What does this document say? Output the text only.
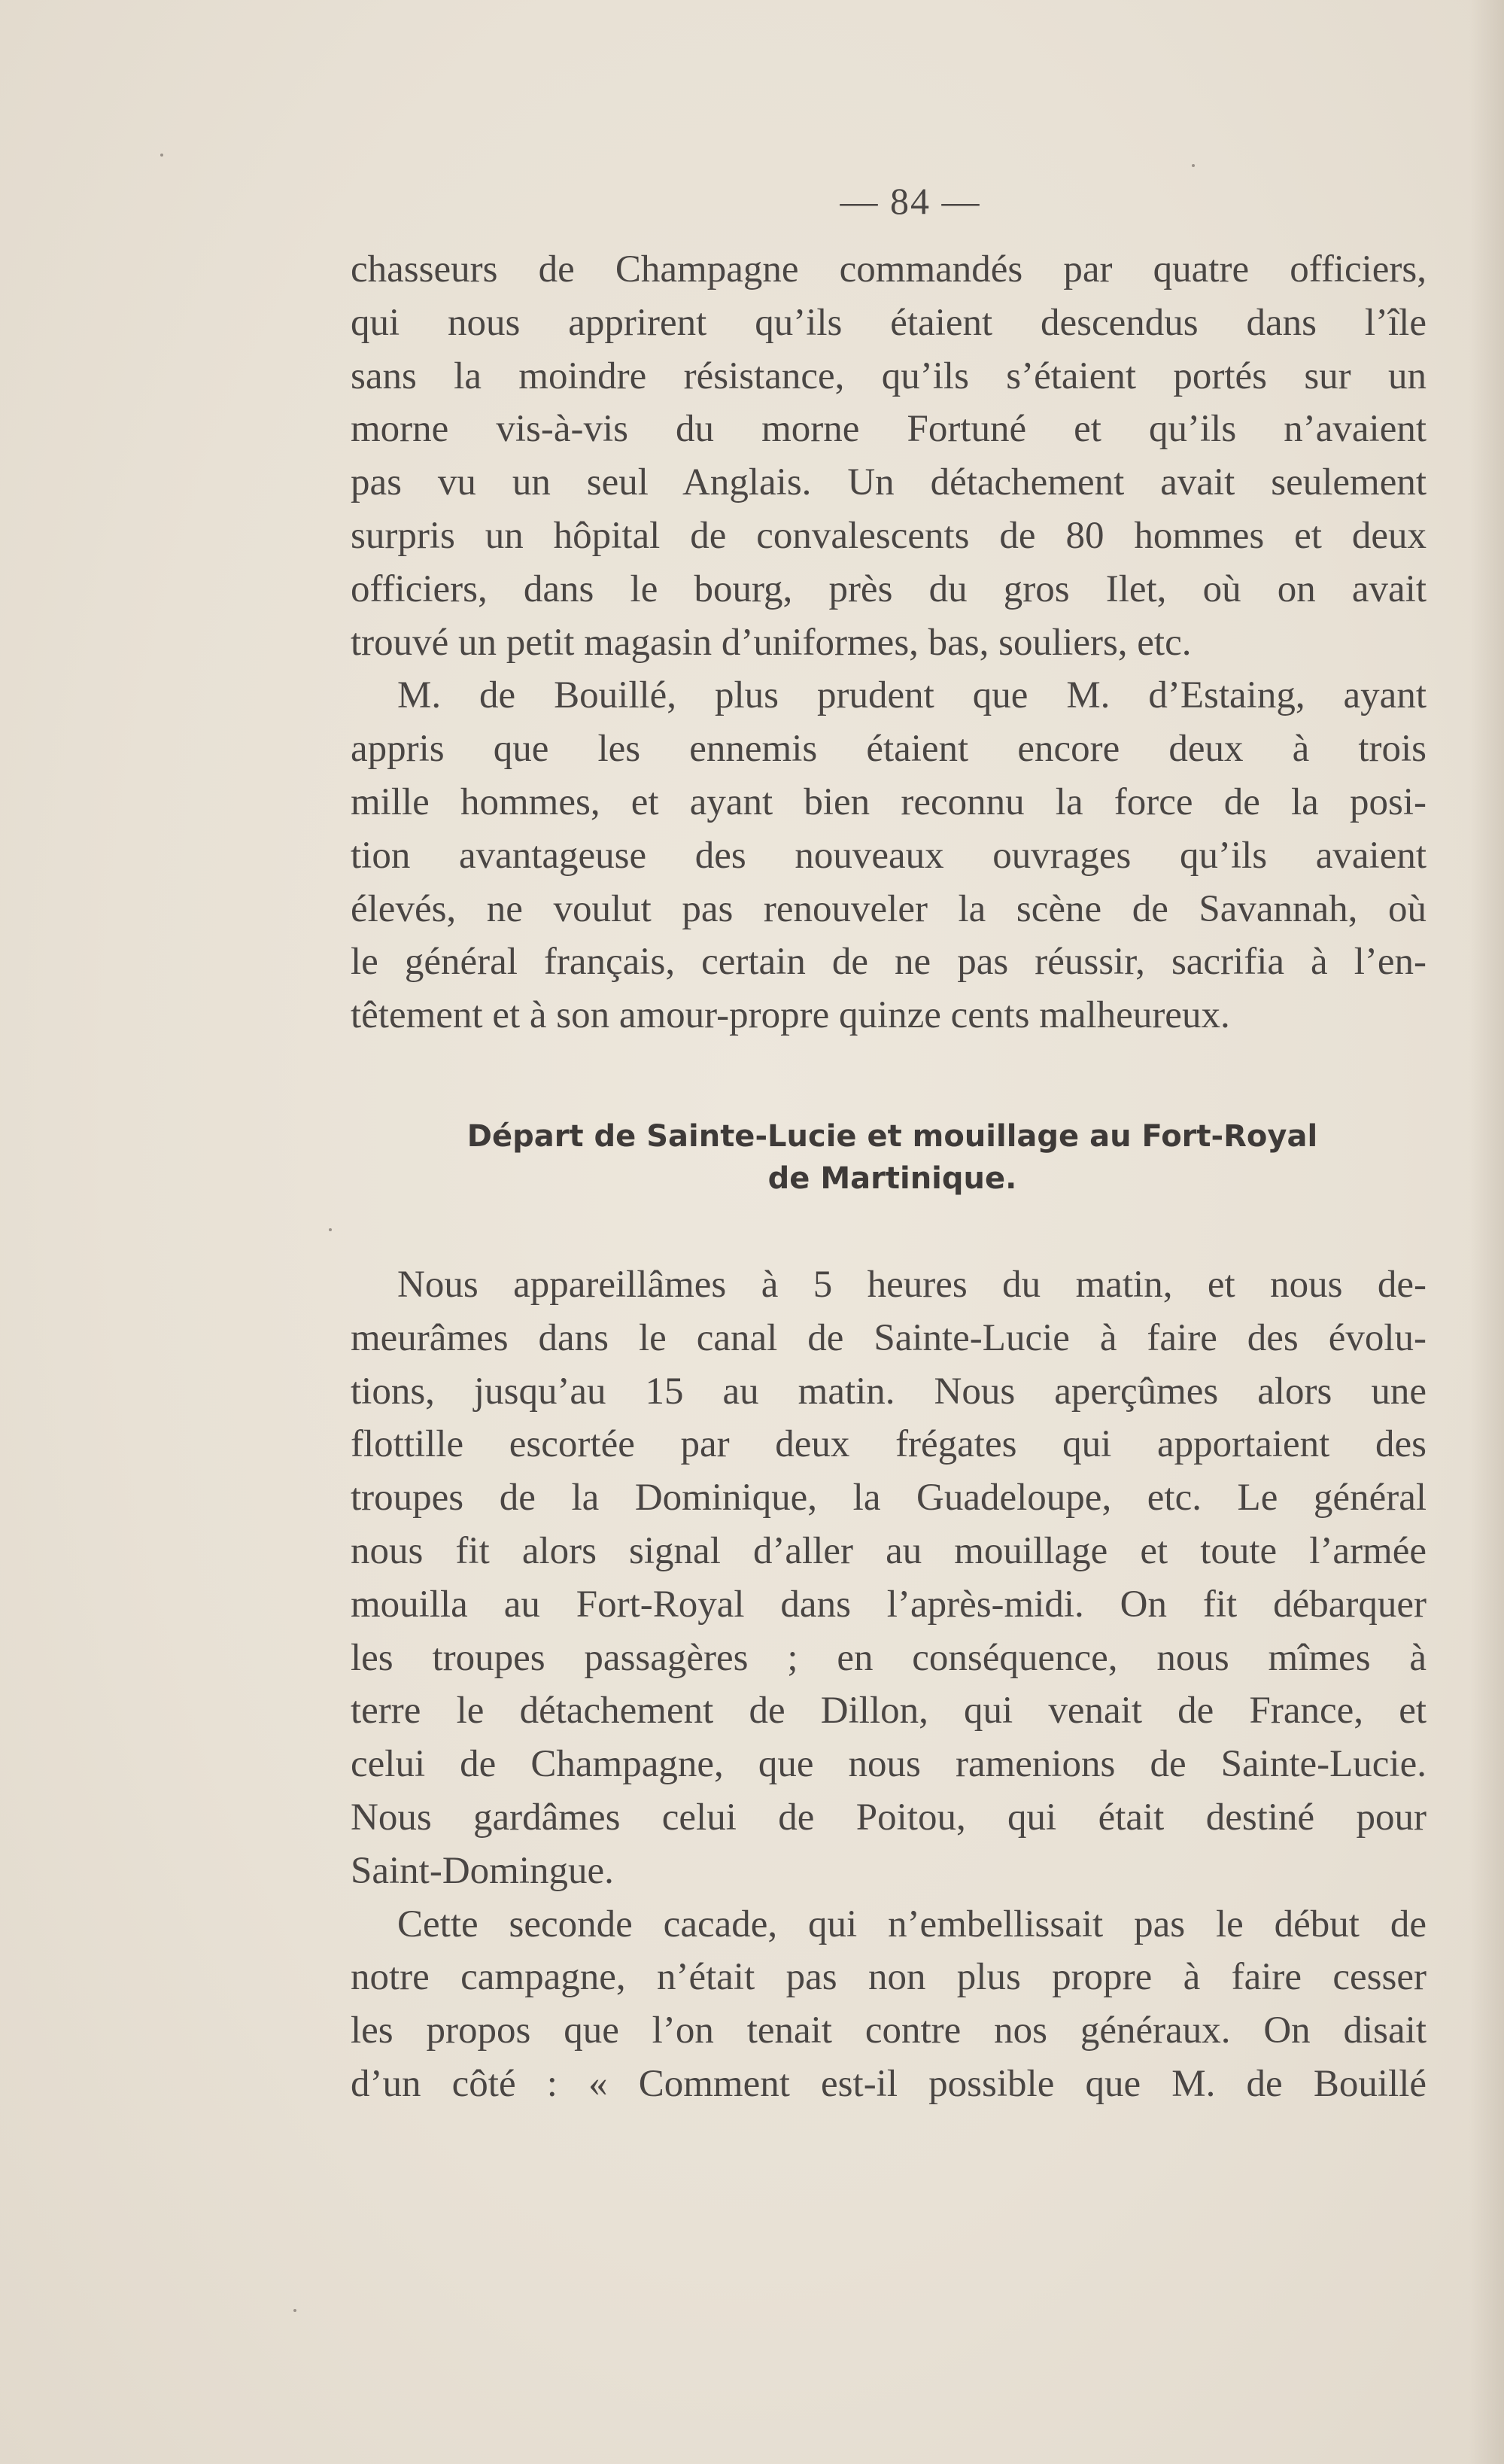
— 84 —
chasseurs de Champagne commandés par quatre officiers,
qui nous apprirent qu’ils étaient descendus dans l’île
sans la moindre résistance, qu’ils s’étaient portés sur un
morne vis-à-vis du morne Fortuné et qu’ils n’avaient
pas vu un seul Anglais. Un détachement avait seulement
surpris un hôpital de convalescents de 80 hommes et deux
officiers, dans le bourg, près du gros Ilet, où on avait
trouvé un petit magasin d’uniformes, bas, souliers, etc.
M. de Bouillé, plus prudent que M. d’Estaing, ayant
appris que les ennemis étaient encore deux à trois
mille hommes, et ayant bien reconnu la force de la posi-
tion avantageuse des nouveaux ouvrages qu’ils avaient
élevés, ne voulut pas renouveler la scène de Savannah, où
le général français, certain de ne pas réussir, sacrifia à l’en-
têtement et à son amour-propre quinze cents malheureux.
Départ de Sainte-Lucie et mouillage au Fort-Royal
de Martinique.
Nous appareillâmes à 5 heures du matin, et nous de-
meurâmes dans le canal de Sainte-Lucie à faire des évolu-
tions, jusqu’au 15 au matin. Nous aperçûmes alors une
flottille escortée par deux frégates qui apportaient des
troupes de la Dominique, la Guadeloupe, etc. Le général
nous fit alors signal d’aller au mouillage et toute l’armée
mouilla au Fort-Royal dans l’après-midi. On fit débarquer
les troupes passagères ; en conséquence, nous mîmes à
terre le détachement de Dillon, qui venait de France, et
celui de Champagne, que nous ramenions de Sainte-Lucie.
Nous gardâmes celui de Poitou, qui était destiné pour
Saint-Domingue.
Cette seconde cacade, qui n’embellissait pas le début de
notre campagne, n’était pas non plus propre à faire cesser
les propos que l’on tenait contre nos généraux. On disait
d’un côté : « Comment est-il possible que M. de Bouillé
